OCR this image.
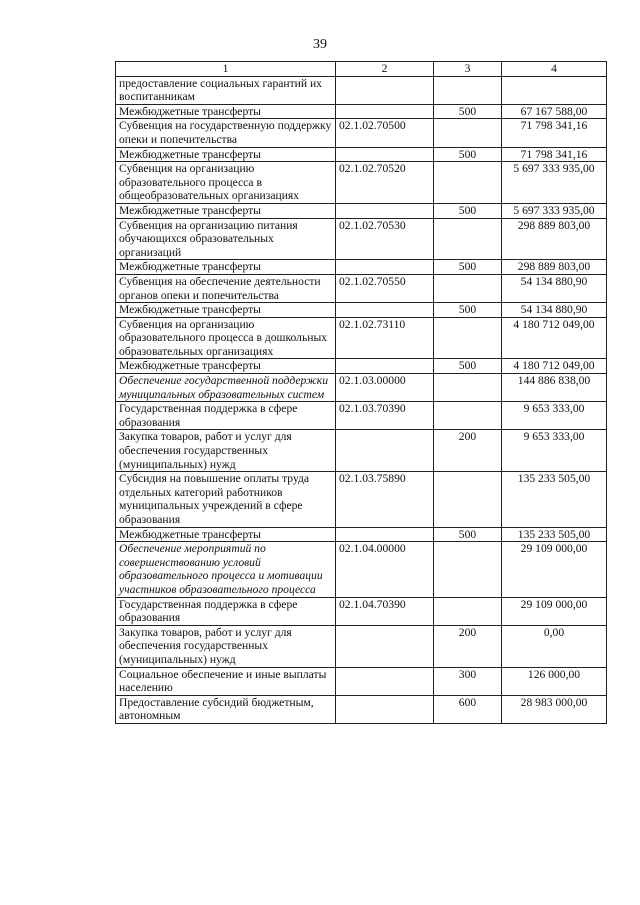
39
1	2	3	4
предоставление социальных гарантий их воспитанникам			
Межбюджетные трансферты		500	67 167 588,00
Субвенция на государственную поддержку опеки и попечительства	02.1.02.70500		71 798 341,16
Межбюджетные трансферты		500	71 798 341,16
Субвенция на организацию образовательного процесса в общеобразовательных организациях	02.1.02.70520		5 697 333 935,00
Межбюджетные трансферты		500	5 697 333 935,00
Субвенция на организацию питания обучающихся образовательных организаций	02.1.02.70530		298 889 803,00
Межбюджетные трансферты		500	298 889 803,00
Субвенция на обеспечение деятельности органов опеки и попечительства	02.1.02.70550		54 134 880,90
Межбюджетные трансферты		500	54 134 880,90
Субвенция на организацию образовательного процесса в дошкольных образовательных организациях	02.1.02.73110		4 180 712 049,00
Межбюджетные трансферты		500	4 180 712 049,00
Обеспечение государственной поддержки муниципальных образовательных систем	02.1.03.00000		144 886 838,00
Государственная поддержка в сфере образования	02.1.03.70390		9 653 333,00
Закупка товаров, работ и услуг для обеспечения государственных (муниципальных) нужд		200	9 653 333,00
Субсидия на повышение оплаты труда отдельных категорий работников муниципальных учреждений в сфере образования	02.1.03.75890		135 233 505,00
Межбюджетные трансферты		500	135 233 505,00
Обеспечение мероприятий по совершенствованию условий образовательного процесса и мотивации участников образовательного процесса	02.1.04.00000		29 109 000,00
Государственная поддержка в сфере образования	02.1.04.70390		29 109 000,00
Закупка товаров, работ и услуг для обеспечения государственных (муниципальных) нужд		200	0,00
Социальное обеспечение и иные выплаты населению		300	126 000,00
Предоставление субсидий бюджетным, автономным		600	28 983 000,00
